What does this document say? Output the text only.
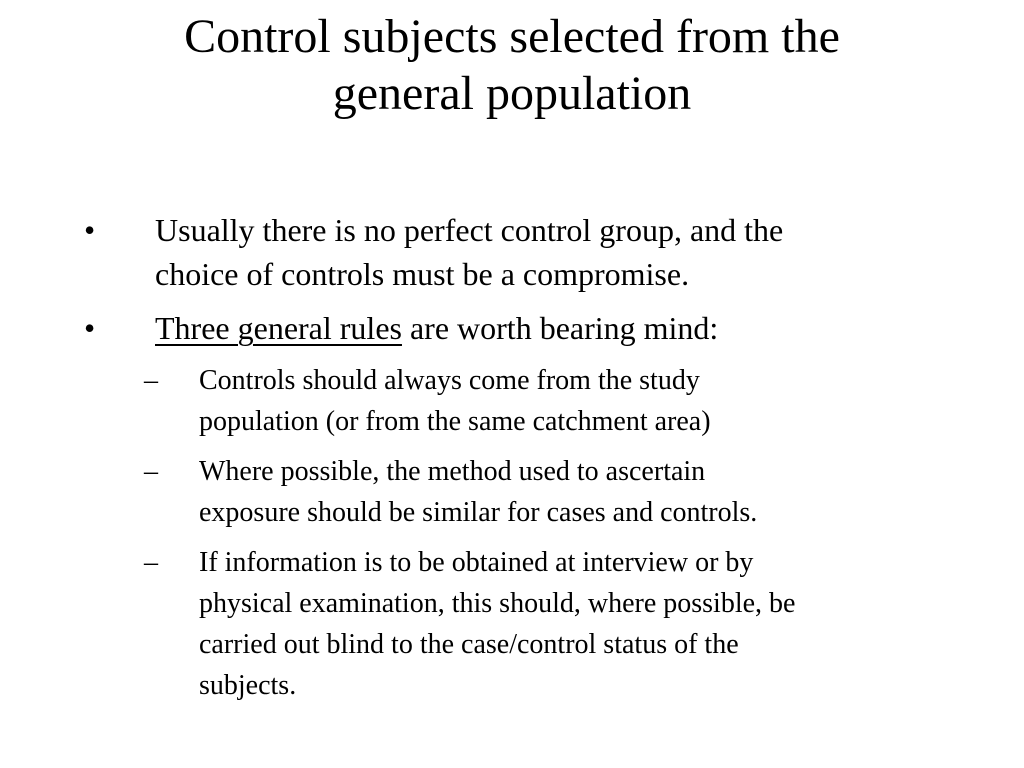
Control subjects selected from the
general population
• Usually there is no perfect control group, and the
choice of controls must be a compromise.
• Three general rules are worth bearing mind:
– Controls should always come from the study
population (or from the same catchment area)
– Where possible, the method used to ascertain
exposure should be similar for cases and controls.
– If information is to be obtained at interview or by
physical examination, this should, where possible, be
carried out blind to the case/control status of the
subjects.
